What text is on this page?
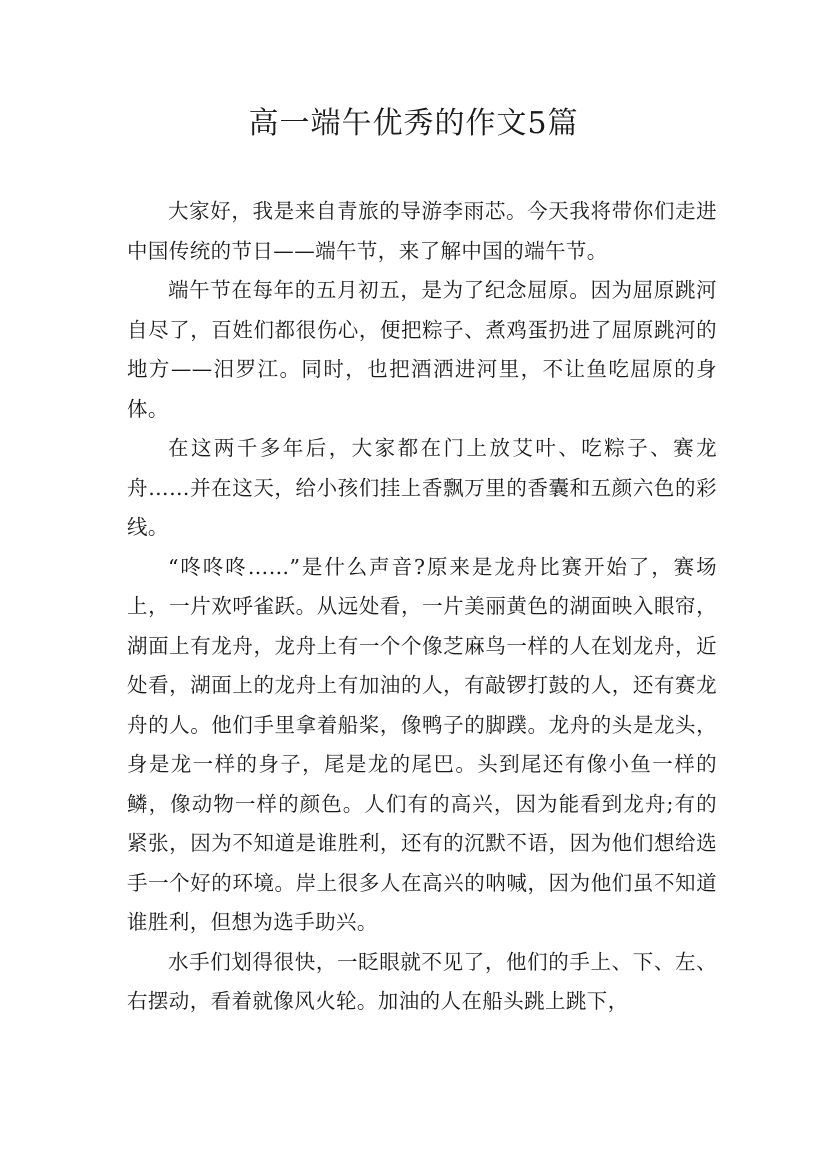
高一端午优秀的作文5篇

大家好，我是来自青旅的导游李雨芯。今天我将带你们走进中国传统的节日——端午节，来了解中国的端午节。

端午节在每年的五月初五，是为了纪念屈原。因为屈原跳河自尽了，百姓们都很伤心，便把粽子、煮鸡蛋扔进了屈原跳河的地方——汨罗江。同时，也把酒洒进河里，不让鱼吃屈原的身体。

在这两千多年后，大家都在门上放艾叶、吃粽子、赛龙舟……并在这天，给小孩们挂上香飘万里的香囊和五颜六色的彩线。

“咚咚咚……”是什么声音?原来是龙舟比赛开始了，赛场上，一片欢呼雀跃。从远处看，一片美丽黄色的湖面映入眼帘，湖面上有龙舟，龙舟上有一个个像芝麻鸟一样的人在划龙舟，近处看，湖面上的龙舟上有加油的人，有敲锣打鼓的人，还有赛龙舟的人。他们手里拿着船桨，像鸭子的脚蹼。龙舟的头是龙头，身是龙一样的身子，尾是龙的尾巴。头到尾还有像小鱼一样的鳞，像动物一样的颜色。人们有的高兴，因为能看到龙舟;有的紧张，因为不知道是谁胜利，还有的沉默不语，因为他们想给选手一个好的环境。岸上很多人在高兴的呐喊，因为他们虽不知道谁胜利，但想为选手助兴。

水手们划得很快，一眨眼就不见了，他们的手上、下、左、右摆动，看着就像风火轮。加油的人在船头跳上跳下，
